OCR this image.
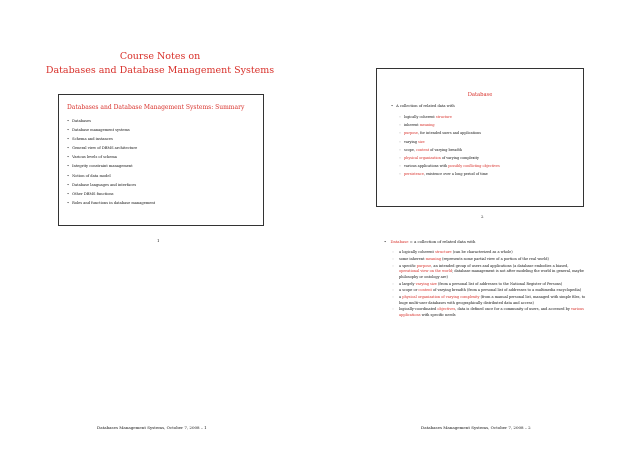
Course Notes on
Databases and Database Management Systems
Databases and Database Management Systems: Summary
• Databases
• Database management systems
• Schema and instances
• General view of DBMS architecture
• Various levels of schema
• Integrity constraint management
• Notion of data model
• Database languages and interfaces
• Other DBMS functions
• Roles and functions in database management
1
Database
• A collection of related data with
◦ logically coherent structure
◦ inherent meaning
◦ purpose, for intended users and applications
◦ varying size
◦ scope, content of varying breadth
◦ physical organization of varying complexity
◦ various applications with possibly conflicting objectives
◦ persistence, existence over a long period of time
2
• Database = a collection of related data with
◦ a logically coherent structure (can be characterized as a whole)
◦ some inherent meaning (represents some partial view of a portion of the real world)
◦ a specific purpose, an intended group of users and applications (a database embodies a biased, operational view on the world; database management is not after modeling the world in general, maybe philosophy or ontology are)
◦ a largely varying size (from a personal list of addresses to the National Register of Persons)
◦ a scope or content of varying breadth (from a personal list of addresses to a multimedia encyclopedia)
◦ a physical organization of varying complexity (from a manual personal list, managed with simple files, to huge multi-user databases with geographically distributed data and access)
◦ logically-coordinated objectives, data is defined once for a community of users, and accessed by various applications with specific needs
Databases Management Systems, October 7, 2008 – 1	Databases Management Systems, October 7, 2008 – 2
